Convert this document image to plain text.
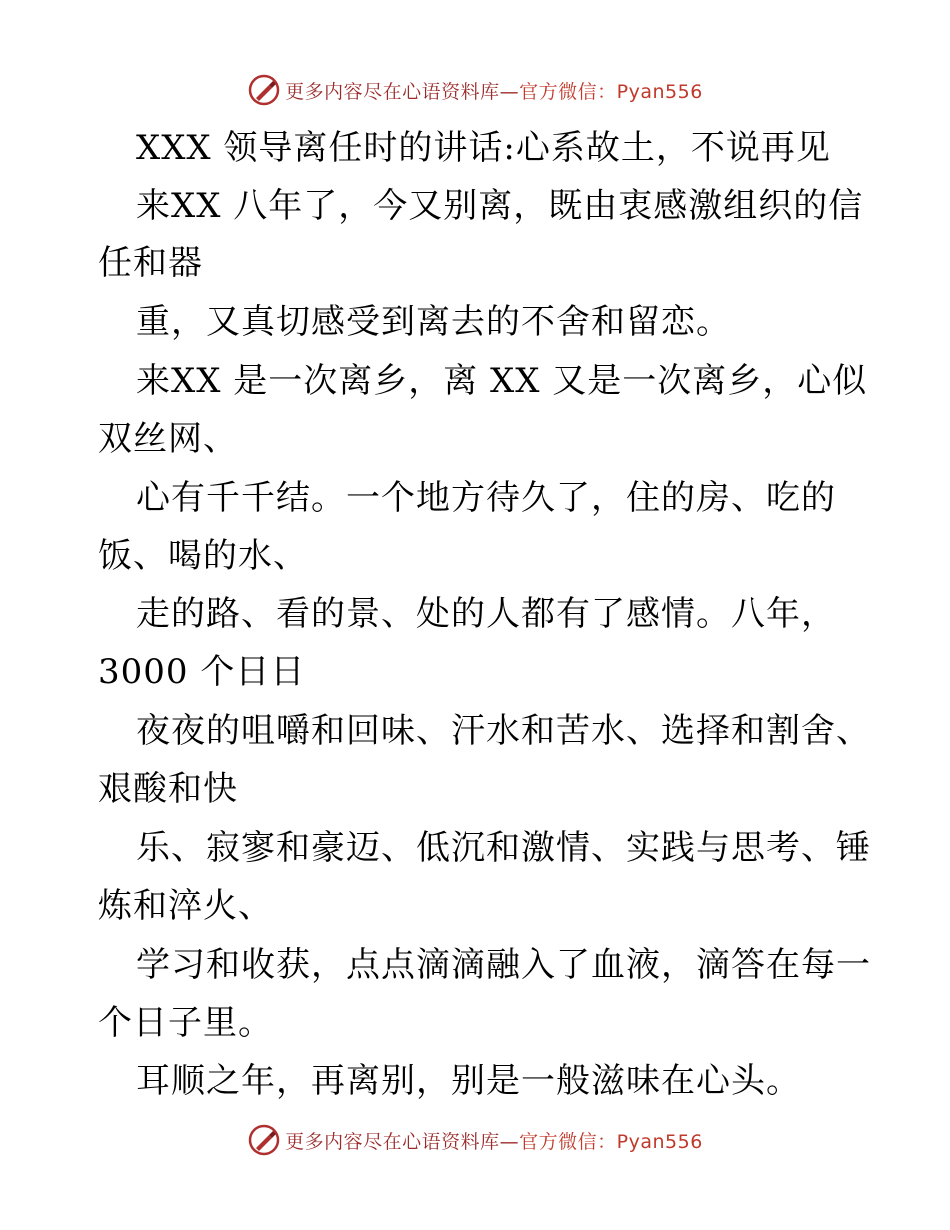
更多内容尽在心语资料库—官方微信：Pyan556
XXX 领导离任时的讲话:心系故土，不说再见
来XX 八年了，今又别离，既由衷感激组织的信
任和器
重，又真切感受到离去的不舍和留恋。
来XX 是一次离乡，离 XX 又是一次离乡，心似
双丝网、
心有千千结。一个地方待久了，住的房、吃的
饭、喝的水、
走的路、看的景、处的人都有了感情。八年，
3000 个日日
夜夜的咀嚼和回味、汗水和苦水、选择和割舍、
艰酸和快
乐、寂寥和豪迈、低沉和激情、实践与思考、锤
炼和淬火、
学习和收获，点点滴滴融入了血液，滴答在每一
个日子里。
耳顺之年，再离别，别是一般滋味在心头。
更多内容尽在心语资料库—官方微信：Pyan556
